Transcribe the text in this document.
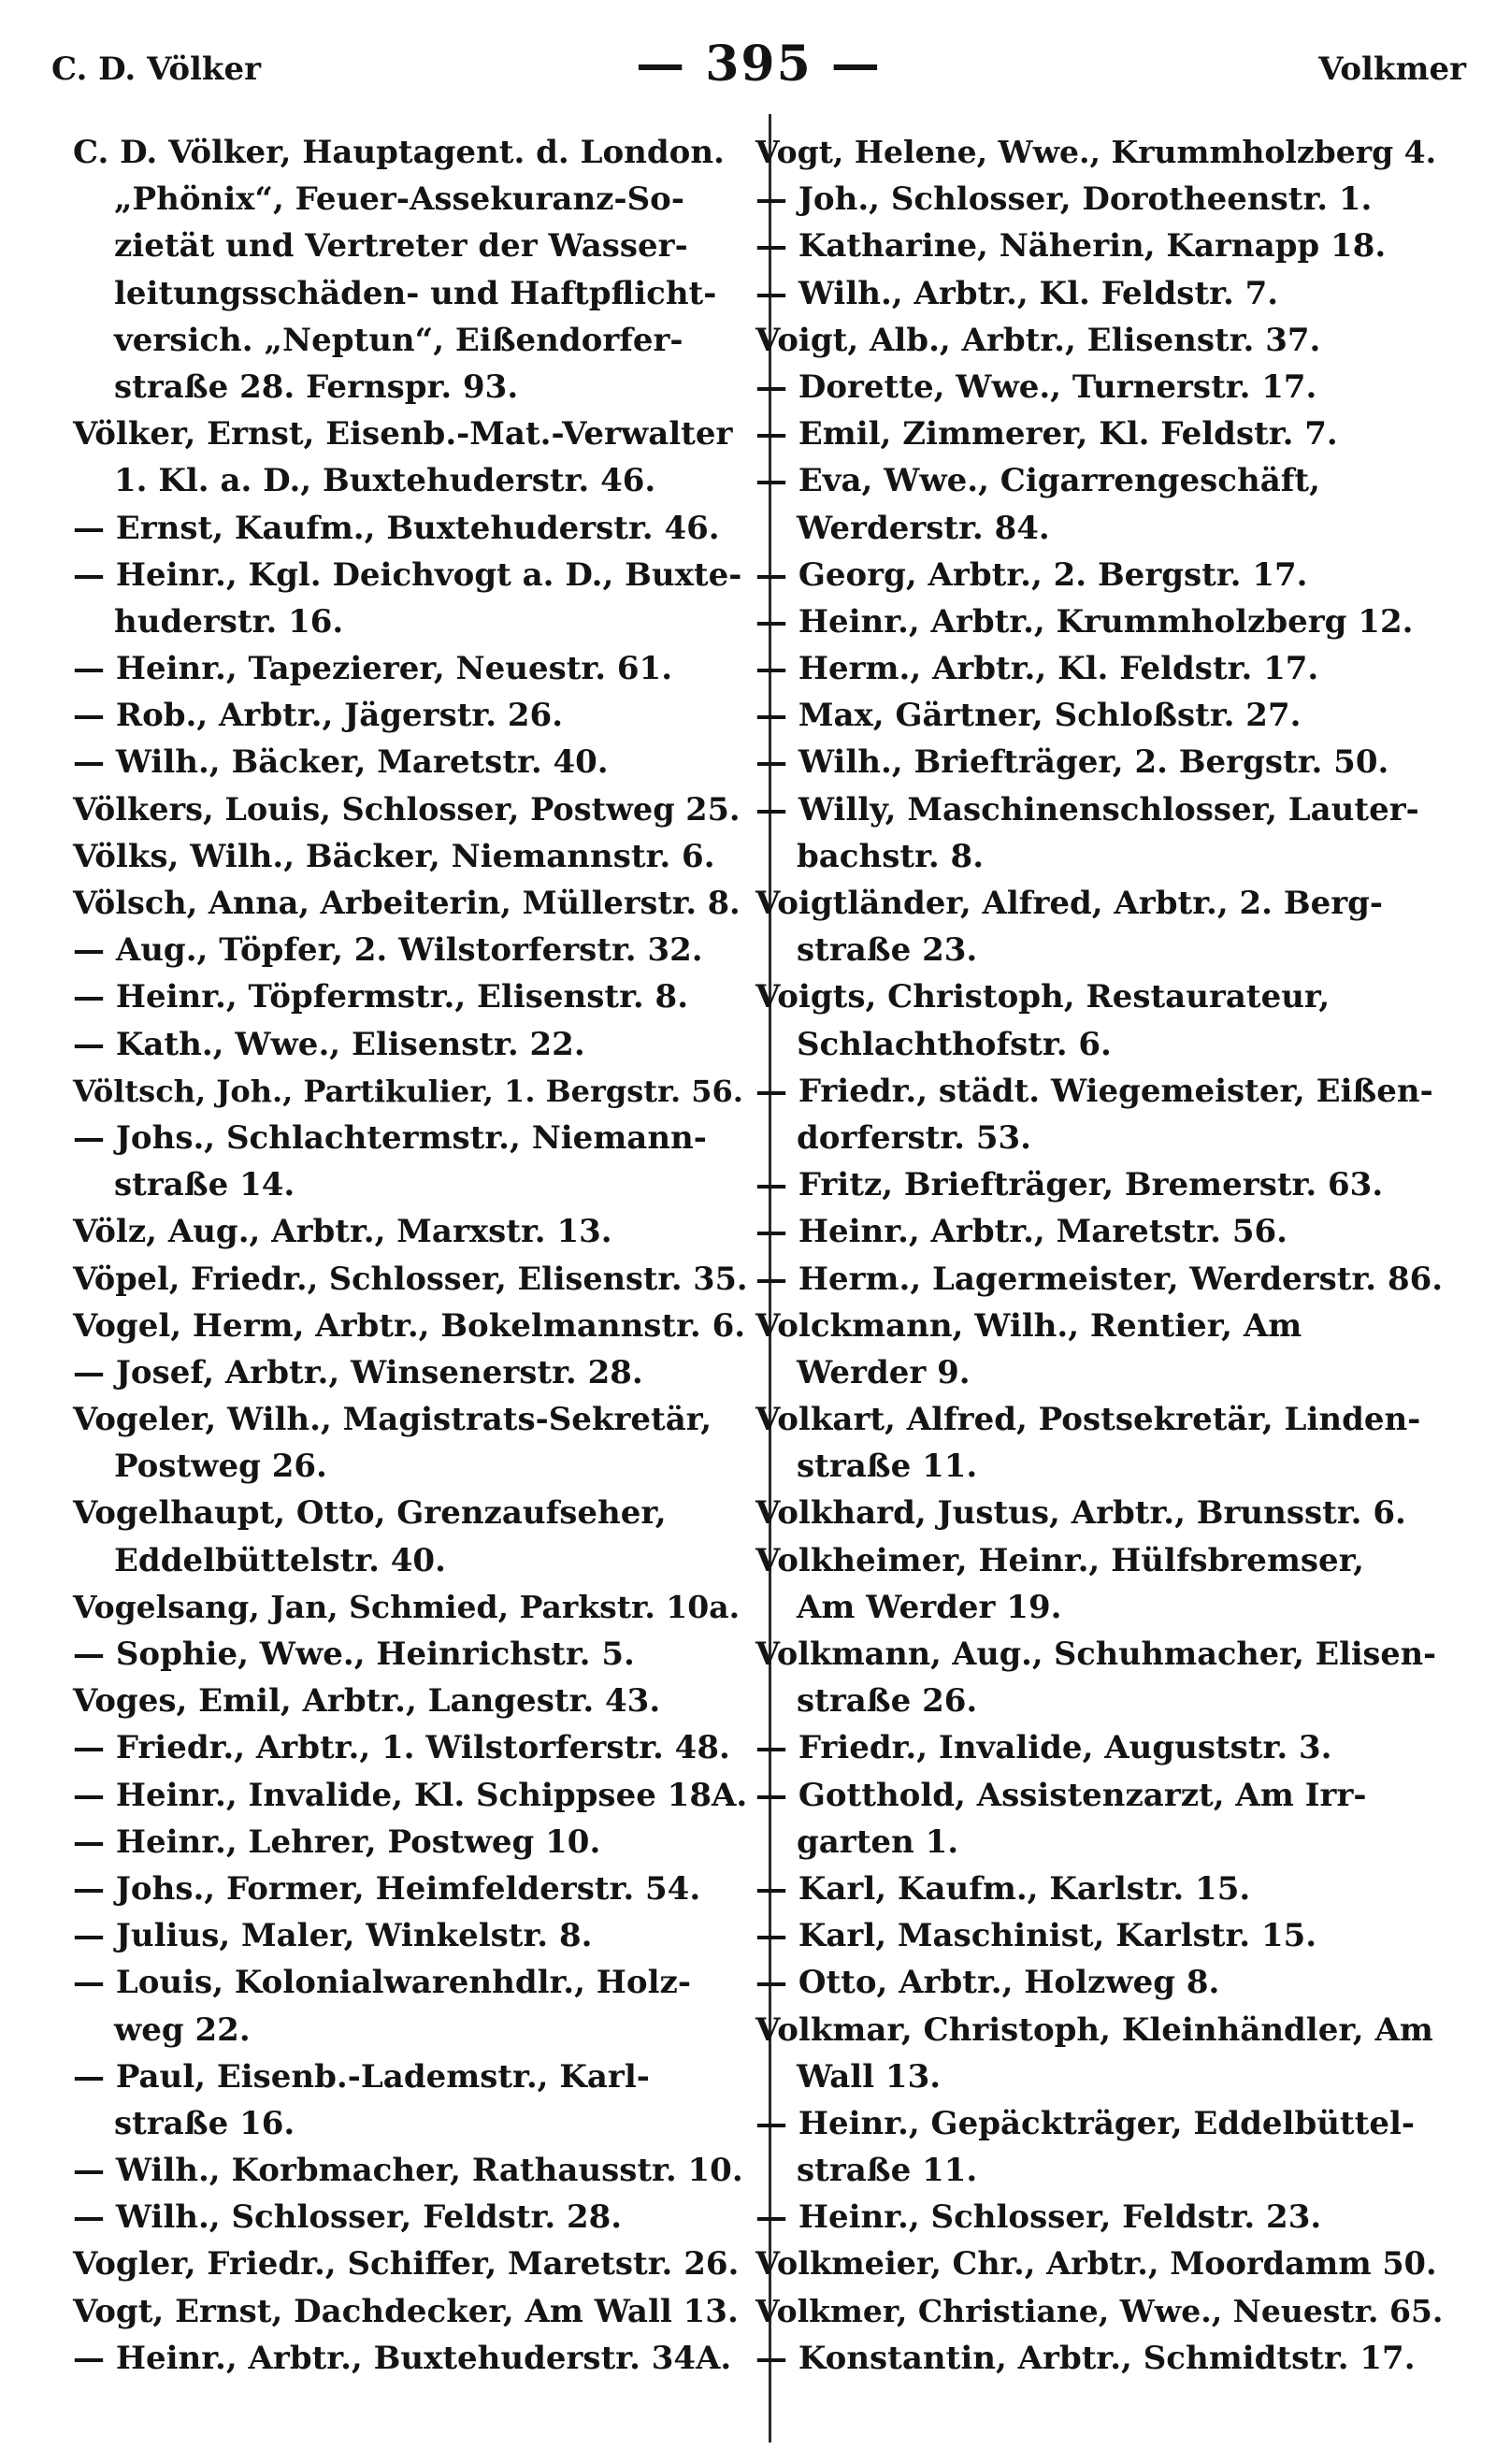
C. D. Völker	— 395 —	Volkmer
C. D. Völker, Hauptagent. d. London.
„Phönix“, Feuer-Assekuranz-So-
zietät und Vertreter der Wasser-
leitungsschäden- und Haftpflicht-
versich. „Neptun“, Eißendorfer-
straße 28. Fernspr. 93.
Völker, Ernst, Eisenb.-Mat.-Verwalter
1. Kl. a. D., Buxtehuderstr. 46.
— Ernst, Kaufm., Buxtehuderstr. 46.
— Heinr., Kgl. Deichvogt a. D., Buxte-
huderstr. 16.
— Heinr., Tapezierer, Neuestr. 61.
— Rob., Arbtr., Jägerstr. 26.
— Wilh., Bäcker, Maretstr. 40.
Völkers, Louis, Schlosser, Postweg 25.
Völks, Wilh., Bäcker, Niemannstr. 6.
Völsch, Anna, Arbeiterin, Müllerstr. 8.
— Aug., Töpfer, 2. Wilstorferstr. 32.
— Heinr., Töpfermstr., Elisenstr. 8.
— Kath., Wwe., Elisenstr. 22.
Völtsch, Joh., Partikulier, 1. Bergstr. 56.
— Johs., Schlachtermstr., Niemann-
straße 14.
Völz, Aug., Arbtr., Marxstr. 13.
Vöpel, Friedr., Schlosser, Elisenstr. 35.
Vogel, Herm, Arbtr., Bokelmannstr. 6.
— Josef, Arbtr., Winsenerstr. 28.
Vogeler, Wilh., Magistrats-Sekretär,
Postweg 26.
Vogelhaupt, Otto, Grenzaufseher,
Eddelbüttelstr. 40.
Vogelsang, Jan, Schmied, Parkstr. 10a.
— Sophie, Wwe., Heinrichstr. 5.
Voges, Emil, Arbtr., Langestr. 43.
— Friedr., Arbtr., 1. Wilstorferstr. 48.
— Heinr., Invalide, Kl. Schippsee 18A.
— Heinr., Lehrer, Postweg 10.
— Johs., Former, Heimfelderstr. 54.
— Julius, Maler, Winkelstr. 8.
— Louis, Kolonialwarenhdlr., Holz-
weg 22.
— Paul, Eisenb.-Lademstr., Karl-
straße 16.
— Wilh., Korbmacher, Rathausstr. 10.
— Wilh., Schlosser, Feldstr. 28.
Vogler, Friedr., Schiffer, Maretstr. 26.
Vogt, Ernst, Dachdecker, Am Wall 13.
— Heinr., Arbtr., Buxtehuderstr. 34A.
Vogt, Helene, Wwe., Krummholzberg 4.
— Joh., Schlosser, Dorotheenstr. 1.
— Katharine, Näherin, Karnapp 18.
— Wilh., Arbtr., Kl. Feldstr. 7.
Voigt, Alb., Arbtr., Elisenstr. 37.
— Dorette, Wwe., Turnerstr. 17.
— Emil, Zimmerer, Kl. Feldstr. 7.
— Eva, Wwe., Cigarrengeschäft,
Werderstr. 84.
— Georg, Arbtr., 2. Bergstr. 17.
— Heinr., Arbtr., Krummholzberg 12.
— Herm., Arbtr., Kl. Feldstr. 17.
— Max, Gärtner, Schloßstr. 27.
— Wilh., Briefträger, 2. Bergstr. 50.
— Willy, Maschinenschlosser, Lauter-
bachstr. 8.
Voigtländer, Alfred, Arbtr., 2. Berg-
straße 23.
Voigts, Christoph, Restaurateur,
Schlachthofstr. 6.
— Friedr., städt. Wiegemeister, Eißen-
dorferstr. 53.
— Fritz, Briefträger, Bremerstr. 63.
— Heinr., Arbtr., Maretstr. 56.
— Herm., Lagermeister, Werderstr. 86.
Volckmann, Wilh., Rentier, Am
Werder 9.
Volkart, Alfred, Postsekretär, Linden-
straße 11.
Volkhard, Justus, Arbtr., Brunsstr. 6.
Volkheimer, Heinr., Hülfsbremser,
Am Werder 19.
Volkmann, Aug., Schuhmacher, Elisen-
straße 26.
— Friedr., Invalide, Auguststr. 3.
— Gotthold, Assistenzarzt, Am Irr-
garten 1.
— Karl, Kaufm., Karlstr. 15.
— Karl, Maschinist, Karlstr. 15.
— Otto, Arbtr., Holzweg 8.
Volkmar, Christoph, Kleinhändler, Am
Wall 13.
— Heinr., Gepäckträger, Eddelbüttel-
straße 11.
— Heinr., Schlosser, Feldstr. 23.
Volkmeier, Chr., Arbtr., Moordamm 50.
Volkmer, Christiane, Wwe., Neuestr. 65.
— Konstantin, Arbtr., Schmidtstr. 17.
